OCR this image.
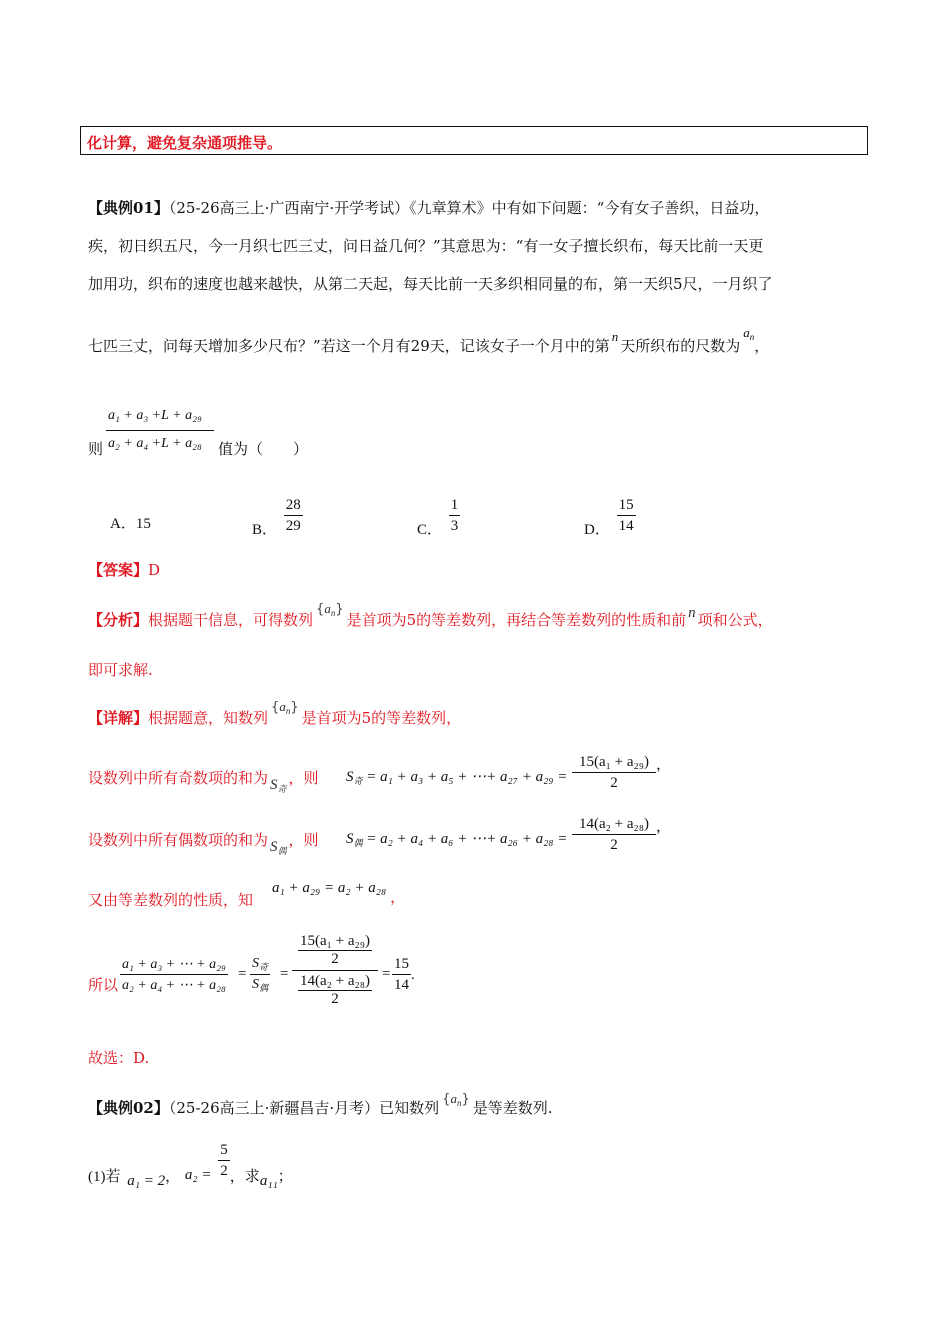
化计算，避免复杂通项推导。
【典例01】（25-26高三上·广西南宁·开学考试）《九章算术》中有如下问题：“今有女子善织，日益功，
疾，初日织五尺，今一月织七匹三丈，问日益几何？”其意思为：“有一女子擅长织布，每天比前一天更
加用功，织布的速度也越来越快，从第二天起，每天比前一天多织相同量的布，第一天织5尺，一月织了
七匹三丈，问每天增加多少尺布？”若这一个月有29天，记该女子一个月中的第n天所织布的尺数为$a_n$，
则
a₁ + a₃ +L + a₂₉
a₂ + a₄ +L + a₂₈ 值为（　　）
A．15	B． $\frac{28}{29}$	C． $\frac{1}{3}$	D． $\frac{15}{14}$
【答案】D
【分析】根据题干信息，可得数列$\{a_n\}$是首项为5的等差数列，再结合等差数列的性质和前 n 项和公式，
即可求解.
【详解】根据题意，知数列$\{a_n\}$是首项为5的等差数列，
设数列中所有奇数项的和为 $S_奇$，则 $S_奇 = a_1 + a_3 + a_5$ + ⋯+ $a_{27} + a_{29} = \frac{\text{15(a₁ + a₂₉)}}{2}$ ，
设数列中所有偶数项的和为 $S_偶$，则 $S_偶 = a_2 + a_4 + a_6$ + ⋯+ $a_{26} + a_{28} = \frac{\text{14(a₂ + a₂₈)}}{2}$ ，
又由等差数列的性质，知
a₁ + a₂₉ = a₂ + a₂₈，
所以 $\frac{\text{a₁ + a₃ + ⋯ + a₂₉}}{\text{a₂ + a₄ + ⋯ + a₂₈}} = \frac{S_奇}{S_偶}$ =
15(a₁ + a₂₉)
2
14(a₂ + a₂₈)
2
= $\frac{15}{14}$ .
故选：D.
【典例02】（25-26高三上·新疆昌吉·月考）已知数列 $\{a_n\}$ 是等差数列.
(1)若 a₁ = 2， $a_2 = \frac{5}{2}$ ，求a₁₁；
